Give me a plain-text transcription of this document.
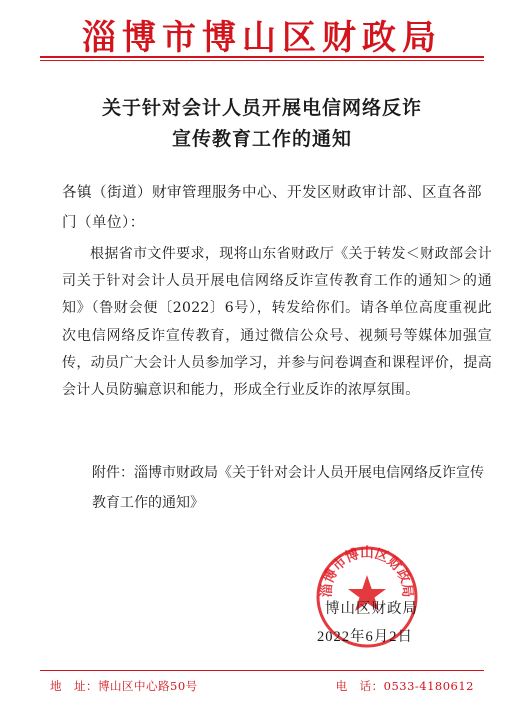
淄博市博山区财政局
关于针对会计人员开展电信网络反诈
宣传教育工作的通知
各镇（街道）财审管理服务中心、开发区财政审计部、区直各部门（单位）：
根据省市文件要求，现将山东省财政厅《关于转发＜财政部会计司关于针对会计人员开展电信网络反诈宣传教育工作的通知＞的通知》（鲁财会便〔2022〕6号），转发给你们。请各单位高度重视此次电信网络反诈宣传教育，通过微信公众号、视频号等媒体加强宣传，动员广大会计人员参加学习，并参与问卷调查和课程评价，提高会计人员防骗意识和能力，形成全行业反诈的浓厚氛围。
附件：淄博市财政局《关于针对会计人员开展电信网络反诈宣传教育工作的通知》
淄博市博山区财政局
博山区财政局
2022年6月2日
地　址：博山区中心路50号	电　话：0533-4180612
